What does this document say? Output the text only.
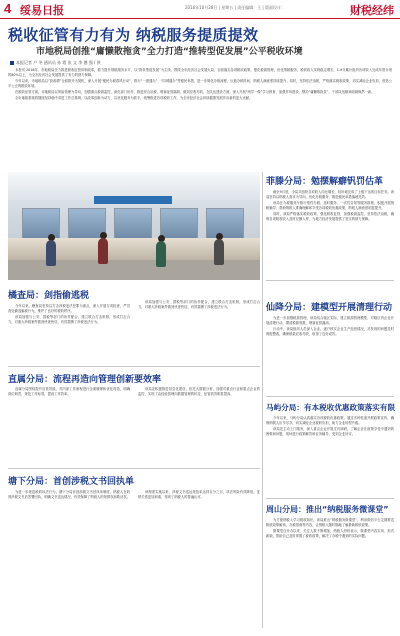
4 绥易日报	2016年10月28日 | 星期五 | 责任编辑：王 | 版面设计：	财税经纬
税收征管有力有为 纳税服务提质提效
市地税局创推“庸懒散拖贪”全力打造“推转型促发展”公平税收环境
本报记者 户 冬 通讯员 孙 霞 张 文 李 德 强 / 供

本报讯 2016年，市地税局全力推进税收征管体制改革，着力提升纳税服务水平，以“推转型促发展”为主线，围绕全市经济社会发展大局，全面落实各项税收政策，强化税源管理，优化纳税服务，税收收入实现稳定增长，1-9月累计组织各项收入完成年度计划的80%以上，为全市经济社会发展提供了有力的财力保障。

今年以来，市地税局以“营改增”全面推开为契机，深入开展“便民办税春风行动”，推行“一窗通办”、“同城通办”等便民举措，进一步简化办税流程、压缩办税时间，纳税人满意度持续提升。同时，坚持依法治税，严格落实税收政策，切实减轻企业负担，营造公平公正的税收环境。

在税收征管方面，市地税局以风险管理为导向，加强重点税源监控，深化部门协作，推进综合治税，堵塞征管漏洞，做到应收尽收。在队伍建设方面，深入开展“两学一做”学习教育，加强作风建设，整治“庸懒散拖贪”，干部队伍精神面貌焕然一新。

全市地税系统将继续坚持稳中求进工作总基调，以改革创新为动力，以优化服务为抓手，统筹推进各项税收工作，为全市经济社会持续健康发展作出新的更大贡献。

菲滕分局：勉摆解癖钒罚估革

截至9月底，全局共组织各项收入同比增长，较好地完成了上级下达的目标任务。该局坚持以纳税人需求为导向，优化办税服务，推进便民举措落地见效。

该局在办税服务厅推行预约办税、延时服务、一次性告知等服务措施，积极开展纳税辅导，帮助纳税人准确理解和享受各项税收优惠政策，纳税人满意度明显提升。

同时，该局严格落实税收政策，强化税收征管，加强税源监控，坚持依法治税，确保各项税收收入及时足额入库，为地方经济发展提供了坚实的财力保障。

仙降分局：建模型开展清理行动

为进一步加强税源管理，该局结合辖区实际，建立税源管理模型，对辖区内企业开展清理行动，摸清税源底数，堵塞征管漏洞。

行动中，该局组织人员深入企业，逐户核实企业生产经营情况，对发现的问题及时督促整改，确保税款应收尽收，取得了良好成效。

马屿分局：有本税收优惠政策落实有限

今年以来，马屿分局认真落实各项税收优惠政策，通过多种渠道开展政策宣传，确保纳税人应享尽享，切实减轻企业税收负担，助力企业转型升级。

该局还主动上门服务，深入重点企业开展走访调研，了解企业在政策享受中遇到的困难和问题，现场进行政策解答和业务辅导，受到企业好评。

周山分局：推出“纳税服务微课堂”

为方便纳税人学习税收知识，该局推出“纳税服务微课堂”，利用微信平台定期推送税收政策解读、办税指南等内容，让纳税人随时随地了解最新税收政策。

微课堂自开办以来，关注人数不断增加，纳税人纷纷表示，微课堂内容实用、形式新颖，帮助自己及时掌握了税收政策，解决了办税中遇到的实际问题。

橘查局：剑指偷逃税

今年以来，稽查局坚持以打击涉税违法犯罪为重点，深入开展专项检查，严厉查处偷逃骗税行为，维护了良好的税收秩序。

该局加强与公安、国税等部门的协作配合，建立联合打击机制，形成打击合力，对重大涉税案件做到快查快结，有效震慑了涉税违法行为。

该局加强与公安、国税等部门的协作配合，建立联合打击机制，形成打击合力，对重大涉税案件做到快查快结，有效震慑了涉税违法行为。

直属分局：流程再造向管理创新要效率

直属分局围绕提升征管效能，对内部工作流程进行全面梳理和优化再造，明确岗位职责，规范工作标准，提高工作效率。

该局还积极推进信息化建设，依托大数据分析，加强对重点行业和重点企业的监控，实现了由经验管理向数据管理的转变，征管质效明显提高。

塘下分局：首创涉税文书回执单

为进一步规范税收执法行为，塘下分局首创涉税文书回执单制度，纳税人在收到涉税文书后签署回执，明确文书送达情况，有效保障了纳税人的知情权和救济权。

该制度实施以来，涉税文书送达规范率达到百分之百，执法风险有效降低，征纳关系更加和谐，得到了纳税人的普遍认可。
